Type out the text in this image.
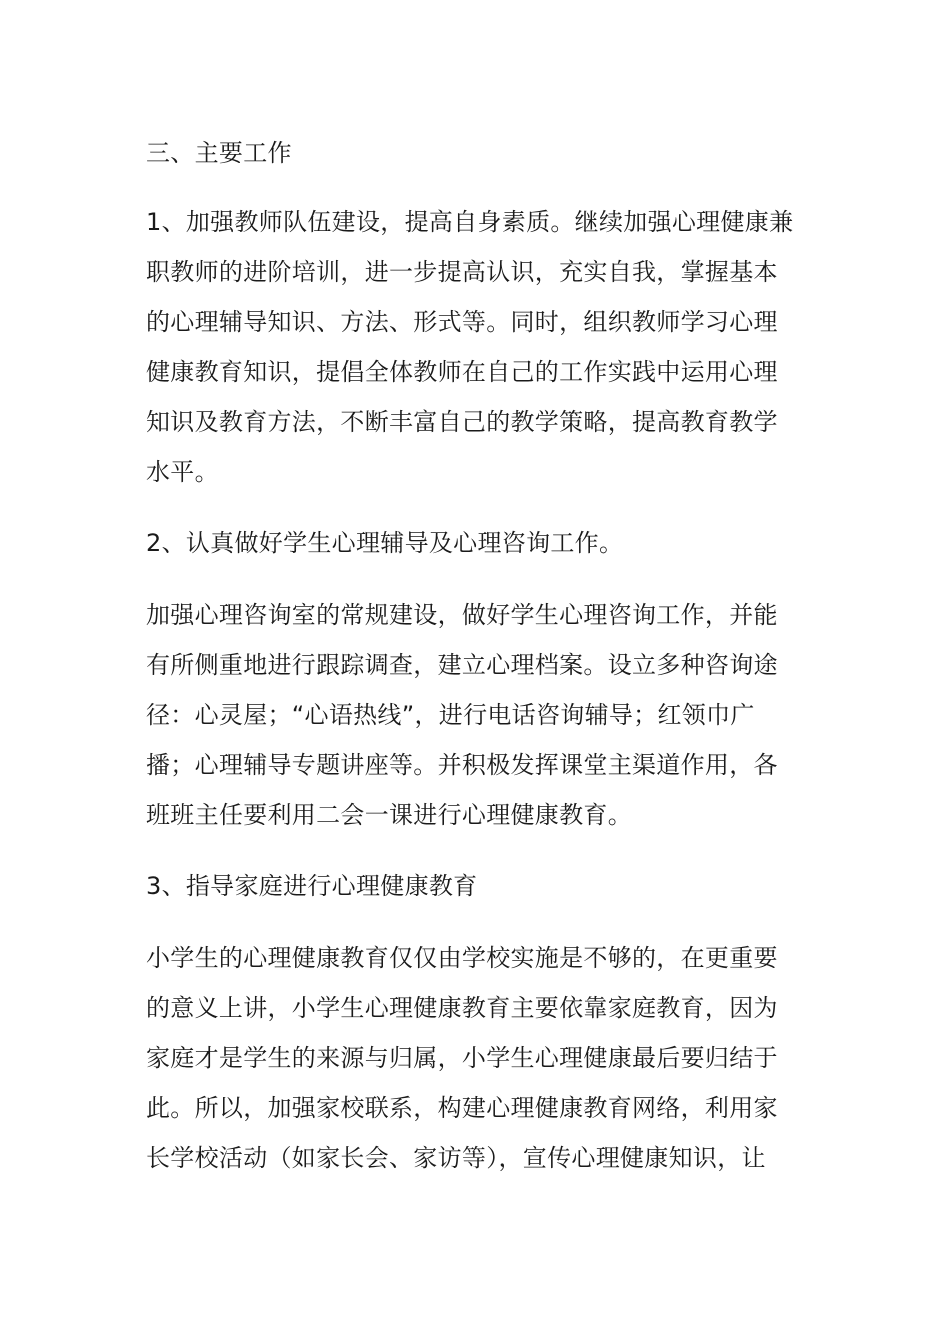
三、主要工作
1、加强教师队伍建设，提高自身素质。继续加强心理健康兼
职教师的进阶培训，进一步提高认识，充实自我，掌握基本
的心理辅导知识、方法、形式等。同时，组织教师学习心理
健康教育知识，提倡全体教师在自己的工作实践中运用心理
知识及教育方法，不断丰富自己的教学策略，提高教育教学
水平。
2、认真做好学生心理辅导及心理咨询工作。
加强心理咨询室的常规建设，做好学生心理咨询工作，并能
有所侧重地进行跟踪调查，建立心理档案。设立多种咨询途
径：心灵屋；“心语热线”，进行电话咨询辅导；红领巾广
播；心理辅导专题讲座等。并积极发挥课堂主渠道作用，各
班班主任要利用二会一课进行心理健康教育。
3、指导家庭进行心理健康教育
小学生的心理健康教育仅仅由学校实施是不够的，在更重要
的意义上讲，小学生心理健康教育主要依靠家庭教育，因为
家庭才是学生的来源与归属，小学生心理健康最后要归结于
此。所以，加强家校联系，构建心理健康教育网络，利用家
长学校活动（如家长会、家访等），宣传心理健康知识，让
